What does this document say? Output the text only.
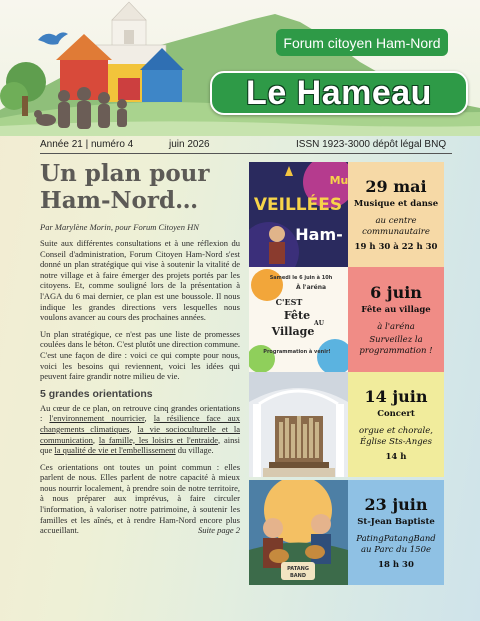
Forum citoyen Ham-Nord
Le Hameau
Année 21 | numéro 4	juin 2026	ISSN 1923-3000 dépôt légal BNQ
Un plan pour
Ham-Nord…
Par Marylène Morin, pour Forum Citoyen HN

Suite aux différentes consultations et à une réflexion du Conseil d'administration, Forum Citoyen Ham-Nord s'est donné un plan stratégique qui vise à soutenir la vitalité de notre village et à faire émerger des projets portés par les citoyens. Et, comme souligné lors de la présentation à l'AGA du 6 mai dernier, ce plan est une boussole. Il nous indique les grandes directions vers lesquelles nous voulons avancer au cours des prochaines années.

Un plan stratégique, ce n'est pas une liste de promesses coulées dans le béton. C'est plutôt une direction commune. C'est une façon de dire : voici ce qui compte pour nous, voici les besoins qui reviennent, voici les idées qui peuvent faire grandir notre milieu de vie.

5 grandes orientations

Au cœur de ce plan, on retrouve cinq grandes orientations : l'environnement nourricier, la résilience face aux changements climatiques, la vie socioculturelle et la communication, la famille, les loisirs et l'entraide, ainsi que la qualité de vie et l'embellissement du village.

Ces orientations ont toutes un point commun : elles parlent de nous. Elles parlent de notre capacité à mieux nous nourrir localement, à prendre soin de notre territoire, à nous préparer aux imprévus, à faire circuler l'information, à valoriser notre patrimoine, à soutenir les familles et les aînés, et à rendre Ham-Nord encore plus accueillant.	Suite page 2

VEILLÉES
Mu
Ham-
29 mai
Musique et danse
au centre communautaire
19 h 30 à 22 h 30
Samedi le 6 juin à 10h
À l'aréna
C'EST
Fête
AU
Village
Programmation à venir!
6 juin
Fête au village
à l'aréna
Surveillez la programmation !
14 juin
Concert
orgue et chorale,
Église Sts-Anges
14 h
PATANG
BAND
23 juin
St-Jean Baptiste
PatingPatangBand
au Parc du 150e
18 h 30
